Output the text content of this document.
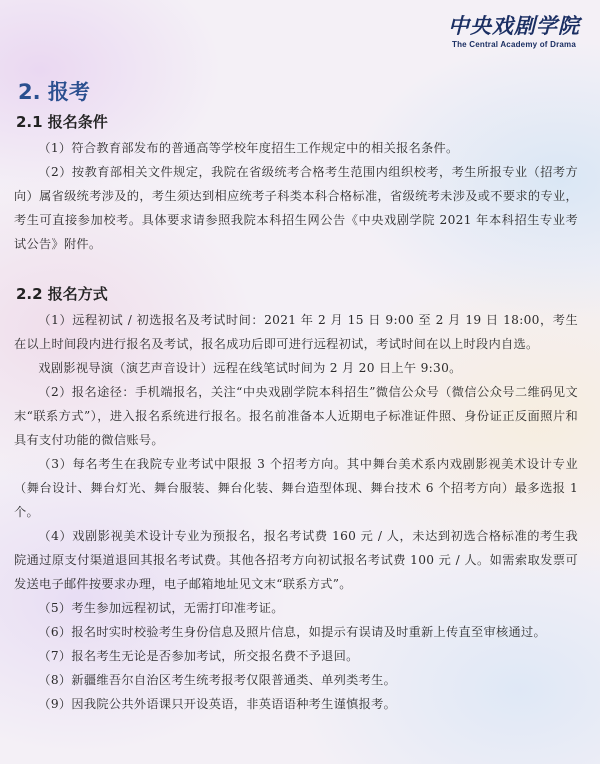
中央戏剧学院
The Central Academy of Drama
2. 报考
2.1 报名条件

（1）符合教育部发布的普通高等学校年度招生工作规定中的相关报名条件。

（2）按教育部相关文件规定，我院在省级统考合格考生范围内组织校考，考生所报专业（招考方向）属省级统考涉及的，考生须达到相应统考子科类本科合格标准，省级统考未涉及或不要求的专业，考生可直接参加校考。具体要求请参照我院本科招生网公告《中央戏剧学院 2021 年本科招生专业考试公告》附件。

2.2 报名方式

（1）远程初试 / 初选报名及考试时间：2021 年 2 月 15 日 9:00 至 2 月 19 日 18:00，考生在以上时间段内进行报名及考试，报名成功后即可进行远程初试，考试时间在以上时段内自选。

戏剧影视导演（演艺声音设计）远程在线笔试时间为 2 月 20 日上午 9:30。

（2）报名途径：手机端报名，关注“中央戏剧学院本科招生”微信公众号（微信公众号二维码见文末“联系方式”），进入报名系统进行报名。报名前准备本人近期电子标准证件照、身份证正反面照片和具有支付功能的微信账号。

（3）每名考生在我院专业考试中限报 3 个招考方向。其中舞台美术系内戏剧影视美术设计专业（舞台设计、舞台灯光、舞台服装、舞台化装、舞台造型体现、舞台技术 6 个招考方向）最多选报 1 个。

（4）戏剧影视美术设计专业为预报名，报名考试费 160 元 / 人，未达到初选合格标准的考生我院通过原支付渠道退回其报名考试费。其他各招考方向初试报名考试费 100 元 / 人。如需索取发票可发送电子邮件按要求办理，电子邮箱地址见文末“联系方式”。

（5）考生参加远程初试，无需打印准考证。

（6）报名时实时校验考生身份信息及照片信息，如提示有误请及时重新上传直至审核通过。

（7）报名考生无论是否参加考试，所交报名费不予退回。

（8）新疆维吾尔自治区考生统考报考仅限普通类、单列类考生。

（9）因我院公共外语课只开设英语，非英语语种考生谨慎报考。
